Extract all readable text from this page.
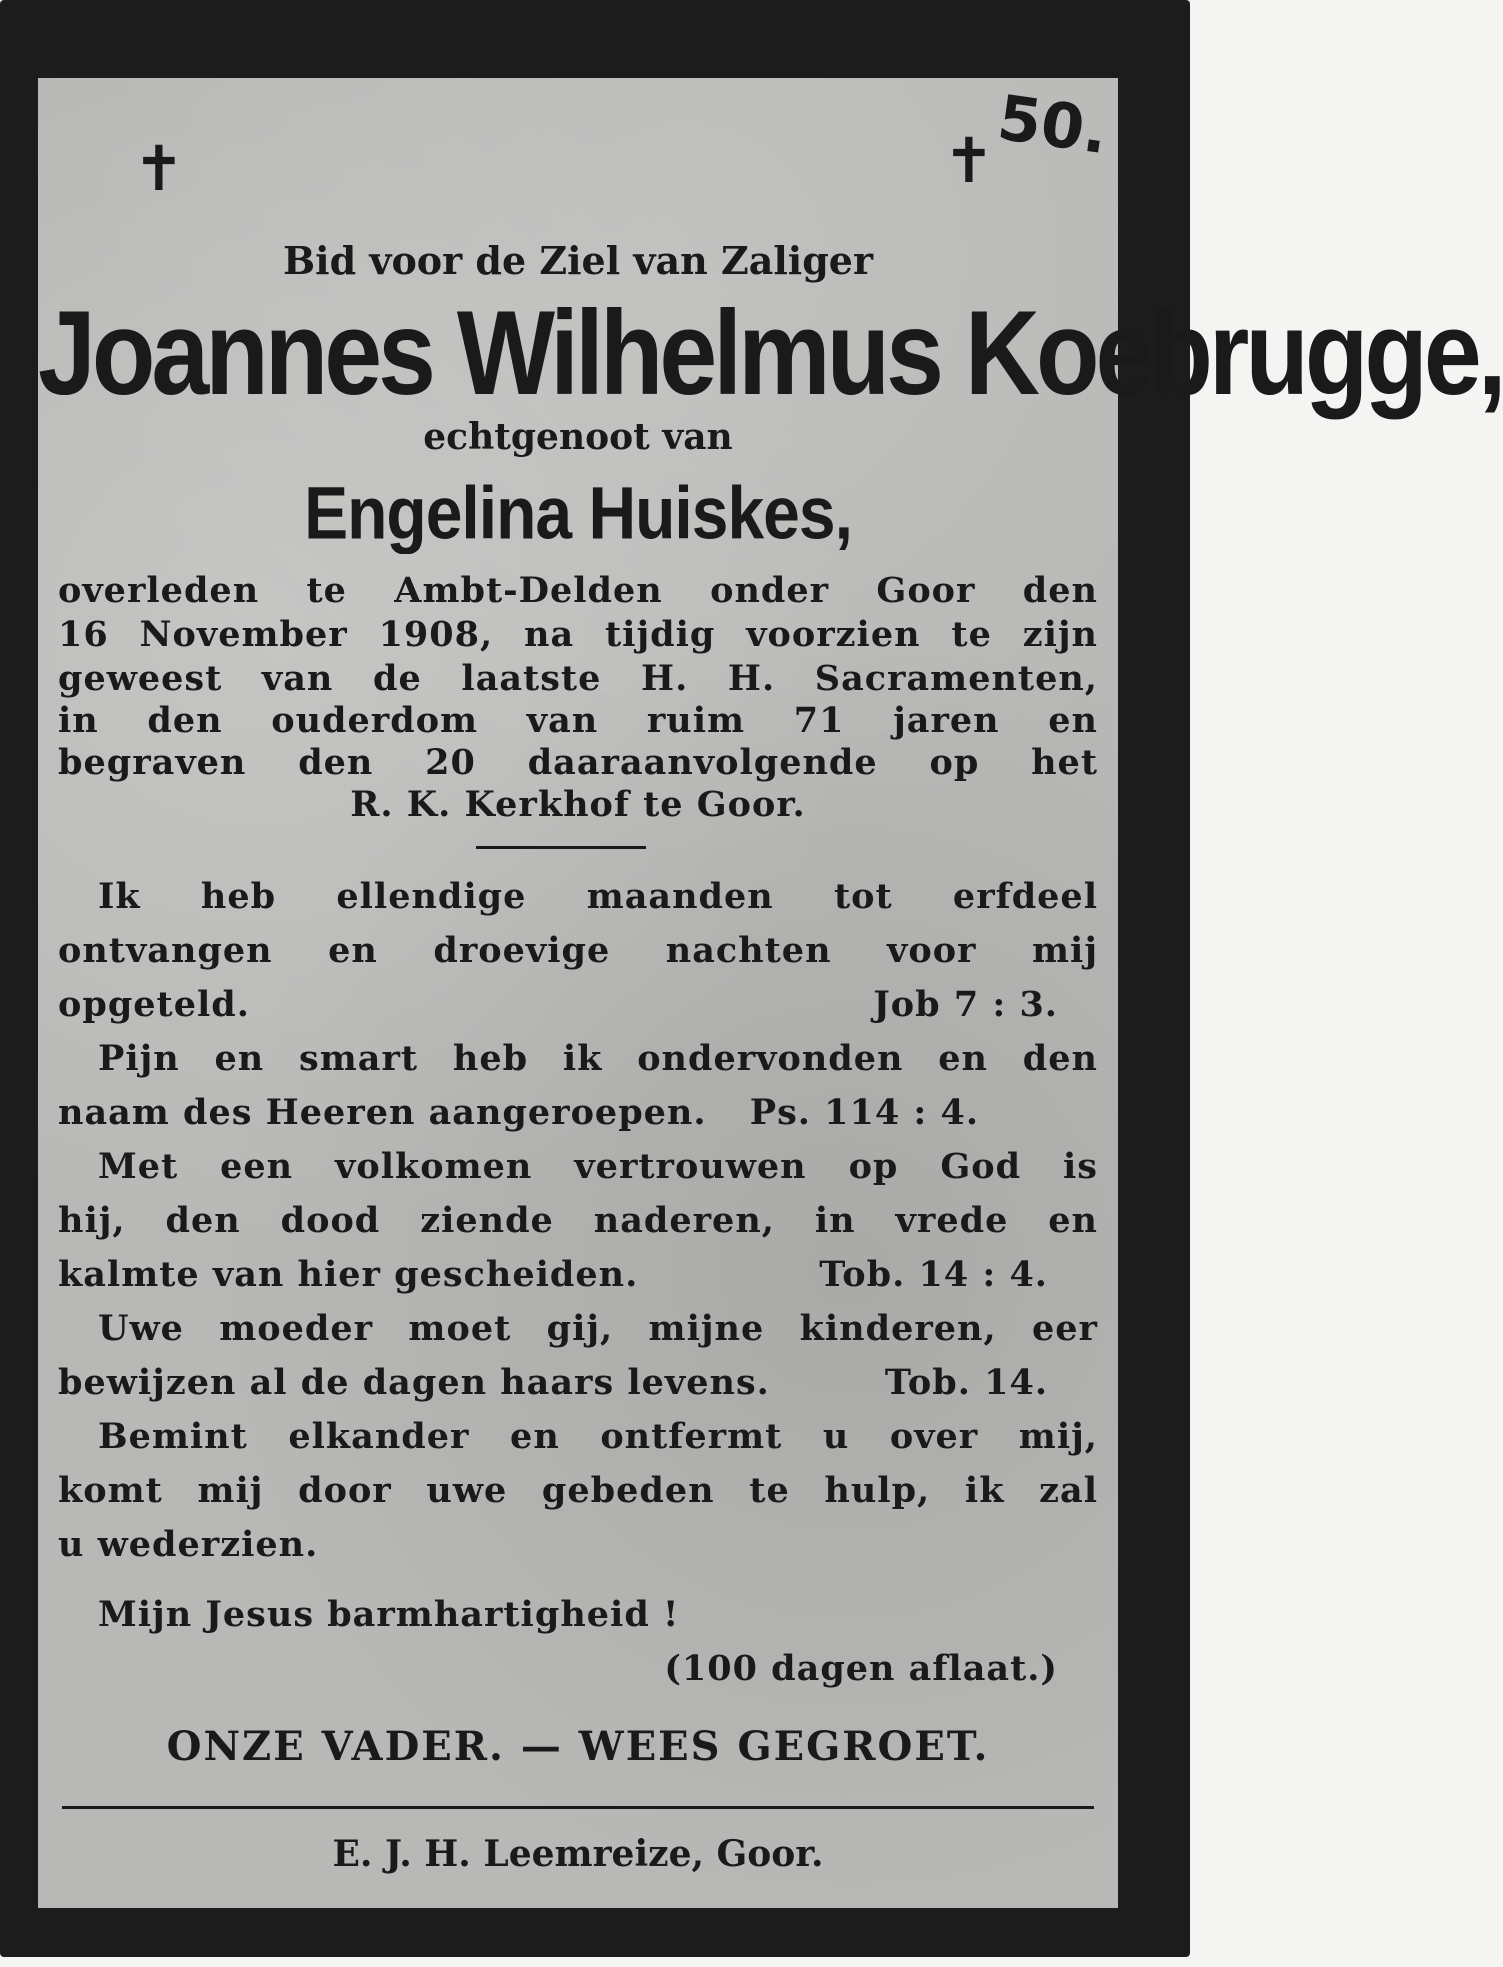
✝	✝
50.
Bid voor de Ziel van Zaliger
Joannes Wilhelmus Koebrugge,
echtgenoot van
Engelina Huiskes,
overleden te Ambt-Delden onder Goor den
16 November 1908, na tijdig voorzien te zijn
geweest van de laatste H. H. Sacramenten,
in den ouderdom van ruim 71 jaren en
begraven den 20 daaraanvolgende op het
R. K. Kerkhof te Goor.
Ik heb ellendige maanden tot erfdeel
ontvangen en droevige nachten voor mij
opgeteld.	Job 7 : 3.
Pijn en smart heb ik ondervonden en den
naam des Heeren aangeroepen. Ps. 114 : 4.
Met een volkomen vertrouwen op God is
hij, den dood ziende naderen, in vrede en
kalmte van hier gescheiden.	Tob. 14 : 4.
Uwe moeder moet gij, mijne kinderen, eer
bewijzen al de dagen haars levens.	Tob. 14.
Bemint elkander en ontfermt u over mij,
komt mij door uwe gebeden te hulp, ik zal
u wederzien.
Mijn Jesus barmhartigheid !
(100 dagen aflaat.)
ONZE VADER. — WEES GEGROET.
E. J. H. Leemreize, Goor.
